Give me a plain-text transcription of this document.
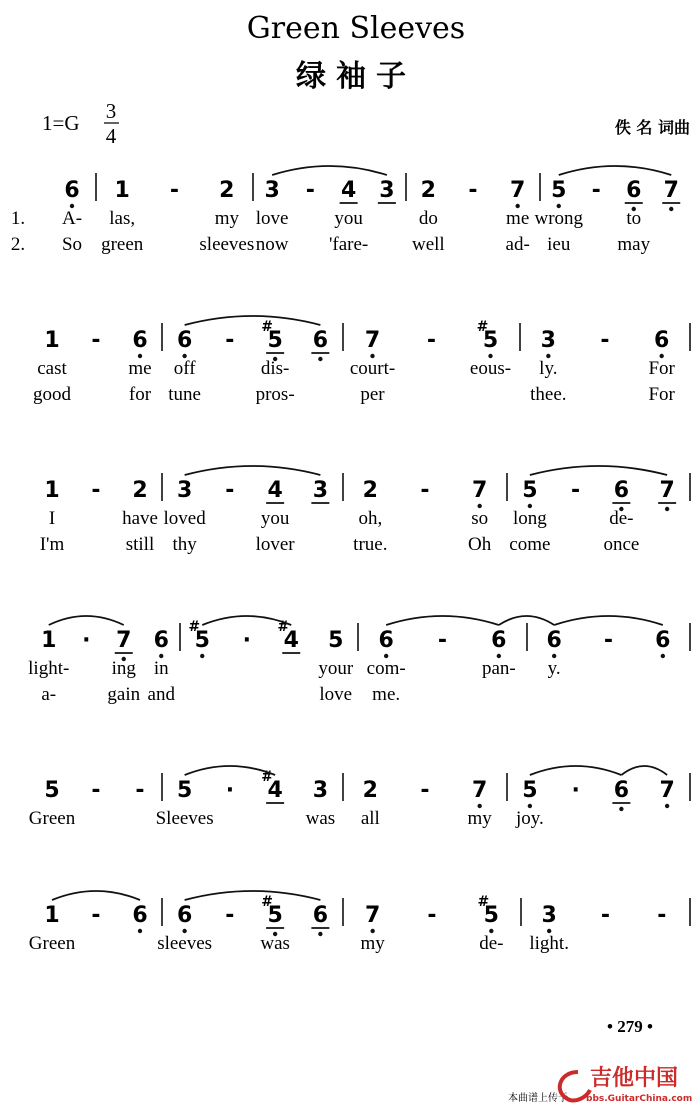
Green Sleeves
绿袖子
1=G 3
4	佚 名 词曲
1.
2.
6
A-
So
1
las,
green
- 2
my
sleeves
3
love
now
- 4
you
'fare-
3 2
do
well
- 7
me
ad-
5
wrong
ieu
- 6
to
may
7
1
cast
good
- 6
me
for
6
off
tune
- 5
#
dis-
pros-
6 7
court-
per
- 5
#
eous-
3
ly.
thee.
- 6
For
For
1
I
I'm
- 2
have
still
3
loved
thy
- 4
you
lover
3 2
oh,
true.
- 7
so
Oh
5
long
come
- 6
de-
once
7
1
light-
a-
· 7
ing
gain
6
in
and
5
#
· 4
#
5
your
love
6
com-
me.
- 6
pan-
6
y.
- 6
5
Green
- - 5
Sleeves
· 4
#
3
was
2
all
- 7
my
5
joy.
· 6 7
1
Green
- 6 6
sleeves
- 5
#
was
6 7
my
- 5
#
de-
3
light.
- -
• 279 •
本曲谱上传于
吉他中国
bbs.GuitarChina.com
